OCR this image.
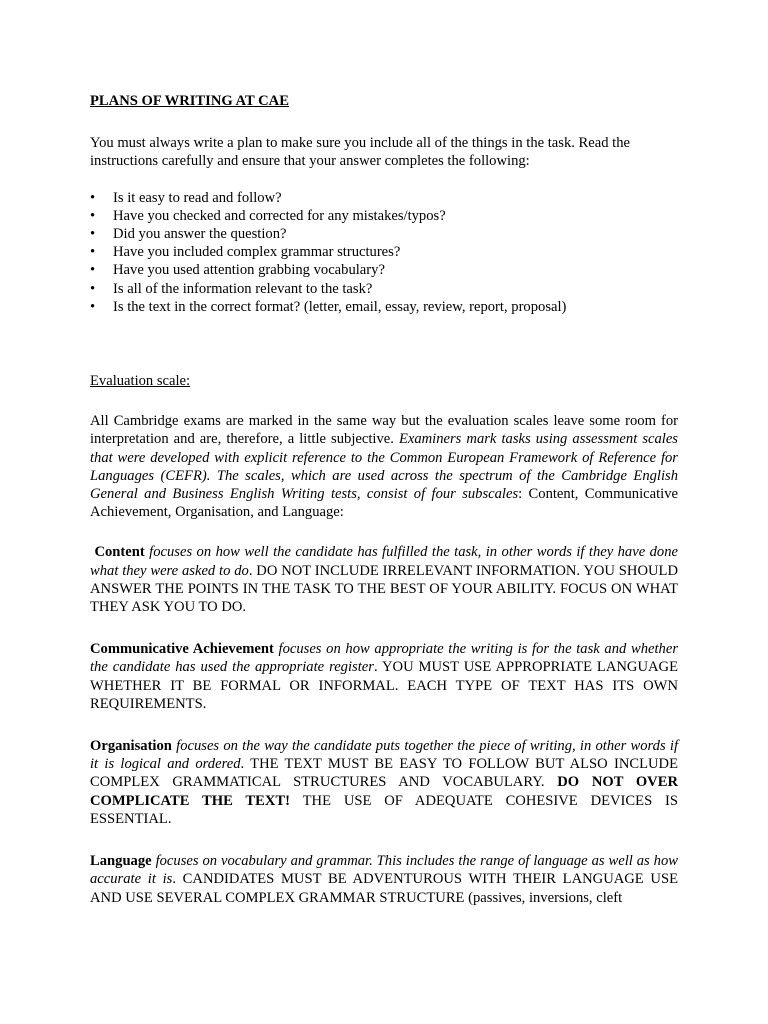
PLANS OF WRITING AT CAE

You must always write a plan to make sure you include all of the things in the task. Read the instructions carefully and ensure that your answer completes the following:

• Is it easy to read and follow?
• Have you checked and corrected for any mistakes/typos?
• Did you answer the question?
• Have you included complex grammar structures?
• Have you used attention grabbing vocabulary?
• Is all of the information relevant to the task?
• Is the text in the correct format? (letter, email, essay, review, report, proposal)

Evaluation scale:

All Cambridge exams are marked in the same way but the evaluation scales leave some room for interpretation and are, therefore, a little subjective. Examiners mark tasks using assessment scales that were developed with explicit reference to the Common European Framework of Reference for Languages (CEFR). The scales, which are used across the spectrum of the Cambridge English General and Business English Writing tests, consist of four subscales: Content, Communicative Achievement, Organisation, and Language:

Content focuses on how well the candidate has fulfilled the task, in other words if they have done what they were asked to do. DO NOT INCLUDE IRRELEVANT INFORMATION. YOU SHOULD ANSWER THE POINTS IN THE TASK TO THE BEST OF YOUR ABILITY. FOCUS ON WHAT THEY ASK YOU TO DO.

Communicative Achievement focuses on how appropriate the writing is for the task and whether the candidate has used the appropriate register. YOU MUST USE APPROPRIATE LANGUAGE WHETHER IT BE FORMAL OR INFORMAL. EACH TYPE OF TEXT HAS ITS OWN REQUIREMENTS.

Organisation focuses on the way the candidate puts together the piece of writing, in other words if it is logical and ordered. THE TEXT MUST BE EASY TO FOLLOW BUT ALSO INCLUDE COMPLEX GRAMMATICAL STRUCTURES AND VOCABULARY. DO NOT OVER COMPLICATE THE TEXT! THE USE OF ADEQUATE COHESIVE DEVICES IS ESSENTIAL.

Language focuses on vocabulary and grammar. This includes the range of language as well as how accurate it is. CANDIDATES MUST BE ADVENTUROUS WITH THEIR LANGUAGE USE AND USE SEVERAL COMPLEX GRAMMAR STRUCTURE (passives, inversions, cleft
